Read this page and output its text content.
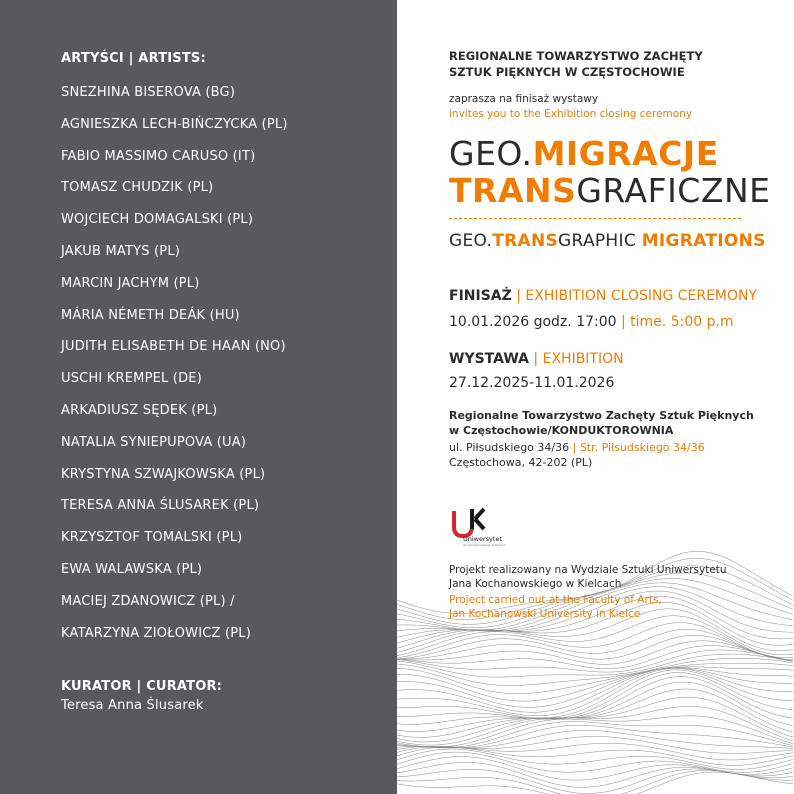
ARTYŚCI | ARTISTS:
SNEZHINA BISEROVA (BG)
AGNIESZKA LECH-BIŃCZYCKA (PL)
FABIO MASSIMO CARUSO (IT)
TOMASZ CHUDZIK (PL)
WOJCIECH DOMAGALSKI (PL)
JAKUB MATYS (PL)
MARCIN JACHYM (PL)
MÁRIA NÉMETH DEÁK (HU)
JUDITH ELISABETH DE HAAN (NO)
USCHI KREMPEL (DE)
ARKADIUSZ SĘDEK (PL)
NATALIA SYNIEPUPOVA (UA)
KRYSTYNA SZWAJKOWSKA (PL)
TERESA ANNA ŚLUSAREK (PL)
KRZYSZTOF TOMALSKI (PL)
EWA WALAWSKA (PL)
MACIEJ ZDANOWICZ (PL) /
KATARZYNA ZIOŁOWICZ (PL)
KURATOR | CURATOR:
Teresa Anna Ślusarek
REGIONALNE TOWARZYSTWO ZACHĘTY
SZTUK PIĘKNYCH W CZĘSTOCHOWIE
zaprasza na finisaż wystawy
invites you to the Exhibition closing ceremony
GEO.MIGRACJE
TRANSGRAFICZNE
GEO.TRANSGRAPHIC MIGRATIONS
FINISAŻ | EXHIBITION CLOSING CEREMONY
10.01.2026 godz. 17:00 | time. 5:00 p.m
WYSTAWA | EXHIBITION
27.12.2025-11.01.2026
Regionalne Towarzystwo Zachęty Sztuk Pięknych
w Częstochowie/KONDUKTOROWNIA
ul. Piłsudskiego 34/36 | Str. Piłsudskiego 34/36
Częstochowa, 42-202 (PL)
Uniwersytet
Jana Kochanowskiego w Kielcach
Projekt realizowany na Wydziale Sztuki Uniwersytetu
Jana Kochanowskiego w Kielcach
Project carried out at the Faculty of Arts,
Jan Kochanowski University in Kielce
